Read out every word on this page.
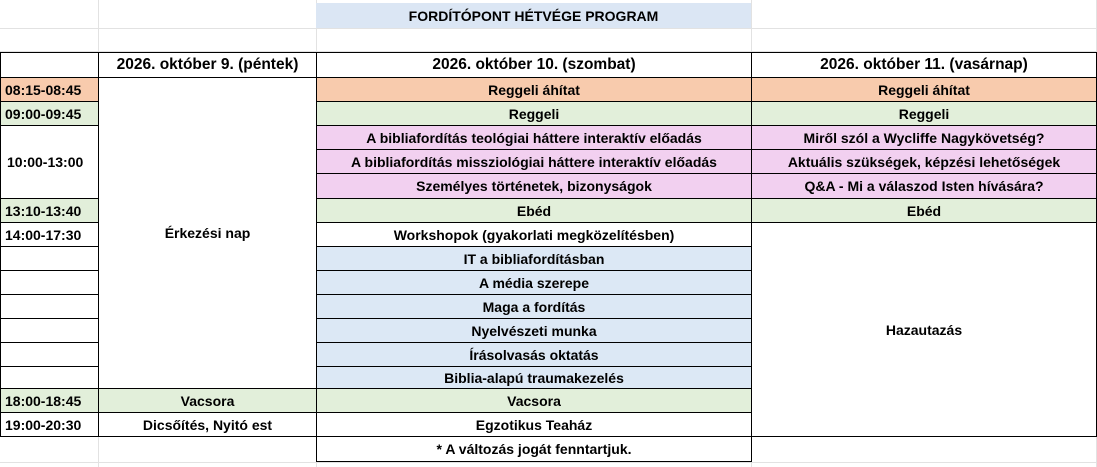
FORDÍTÓPONT HÉTVÉGE PROGRAM
2026. október 9. (péntek)	2026. október 10. (szombat)	2026. október 11. (vasárnap)
08:15-08:45
09:00-09:45
10:00-13:00
13:10-13:40
14:00-17:30
18:00-18:45
19:00-20:30
Érkezési nap
Vacsora
Dicsőítés, Nyitó est
Reggeli áhítat
Reggeli
A bibliafordítás teológiai háttere interaktív előadás
A bibliafordítás missziológiai háttere interaktív előadás
Személyes történetek, bizonyságok
Ebéd
Workshopok (gyakorlati megközelítésben)
IT a bibliafordításban
A média szerepe
Maga a fordítás
Nyelvészeti munka
Írásolvasás oktatás
Biblia-alapú traumakezelés
Vacsora
Egzotikus Teaház
* A változás jogát fenntartjuk.
Reggeli áhítat
Reggeli
Miről szól a Wycliffe Nagykövetség?
Aktuális szükségek, képzési lehetőségek
Q&A - Mi a válaszod Isten hívására?
Ebéd
Hazautazás
